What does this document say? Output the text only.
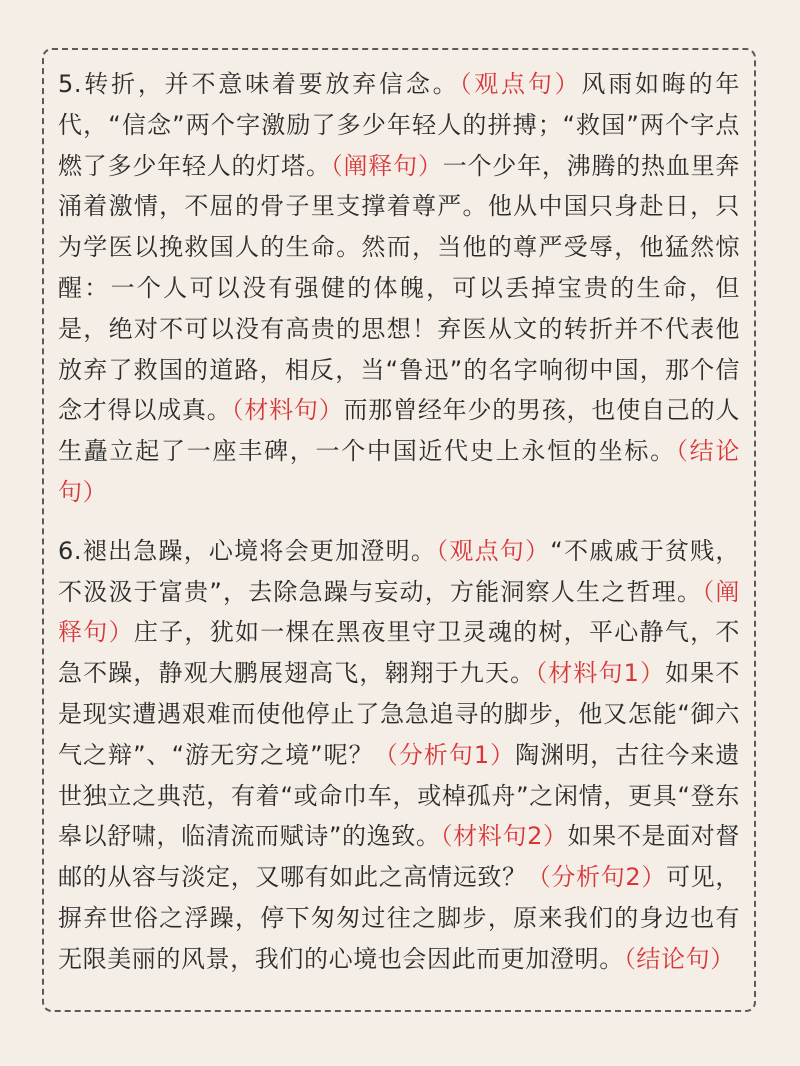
5.转折，并不意味着要放弃信念。（观点句）风雨如晦的年代，“信念”两个字激励了多少年轻人的拼搏；“救国”两个字点燃了多少年轻人的灯塔。（阐释句）一个少年，沸腾的热血里奔涌着激情，不屈的骨子里支撑着尊严。他从中国只身赴日，只为学医以挽救国人的生命。然而，当他的尊严受辱，他猛然惊醒：一个人可以没有强健的体魄，可以丢掉宝贵的生命，但是，绝对不可以没有高贵的思想！弃医从文的转折并不代表他放弃了救国的道路，相反，当“鲁迅”的名字响彻中国，那个信念才得以成真。（材料句）而那曾经年少的男孩，也使自己的人生矗立起了一座丰碑，一个中国近代史上永恒的坐标。（结论句）

6.褪出急躁，心境将会更加澄明。（观点句）“不戚戚于贫贱，不汲汲于富贵”，去除急躁与妄动，方能洞察人生之哲理。（阐释句）庄子，犹如一棵在黑夜里守卫灵魂的树，平心静气，不急不躁，静观大鹏展翅高飞，翱翔于九天。（材料句1）如果不是现实遭遇艰难而使他停止了急急追寻的脚步，他又怎能“御六气之辩”、“游无穷之境”呢？（分析句1）陶渊明，古往今来遗世独立之典范，有着“或命巾车，或棹孤舟”之闲情，更具“登东皋以舒啸，临清流而赋诗”的逸致。（材料句2）如果不是面对督邮的从容与淡定，又哪有如此之高情远致？（分析句2）可见，摒弃世俗之浮躁，停下匆匆过往之脚步，原来我们的身边也有无限美丽的风景，我们的心境也会因此而更加澄明。（结论句）
